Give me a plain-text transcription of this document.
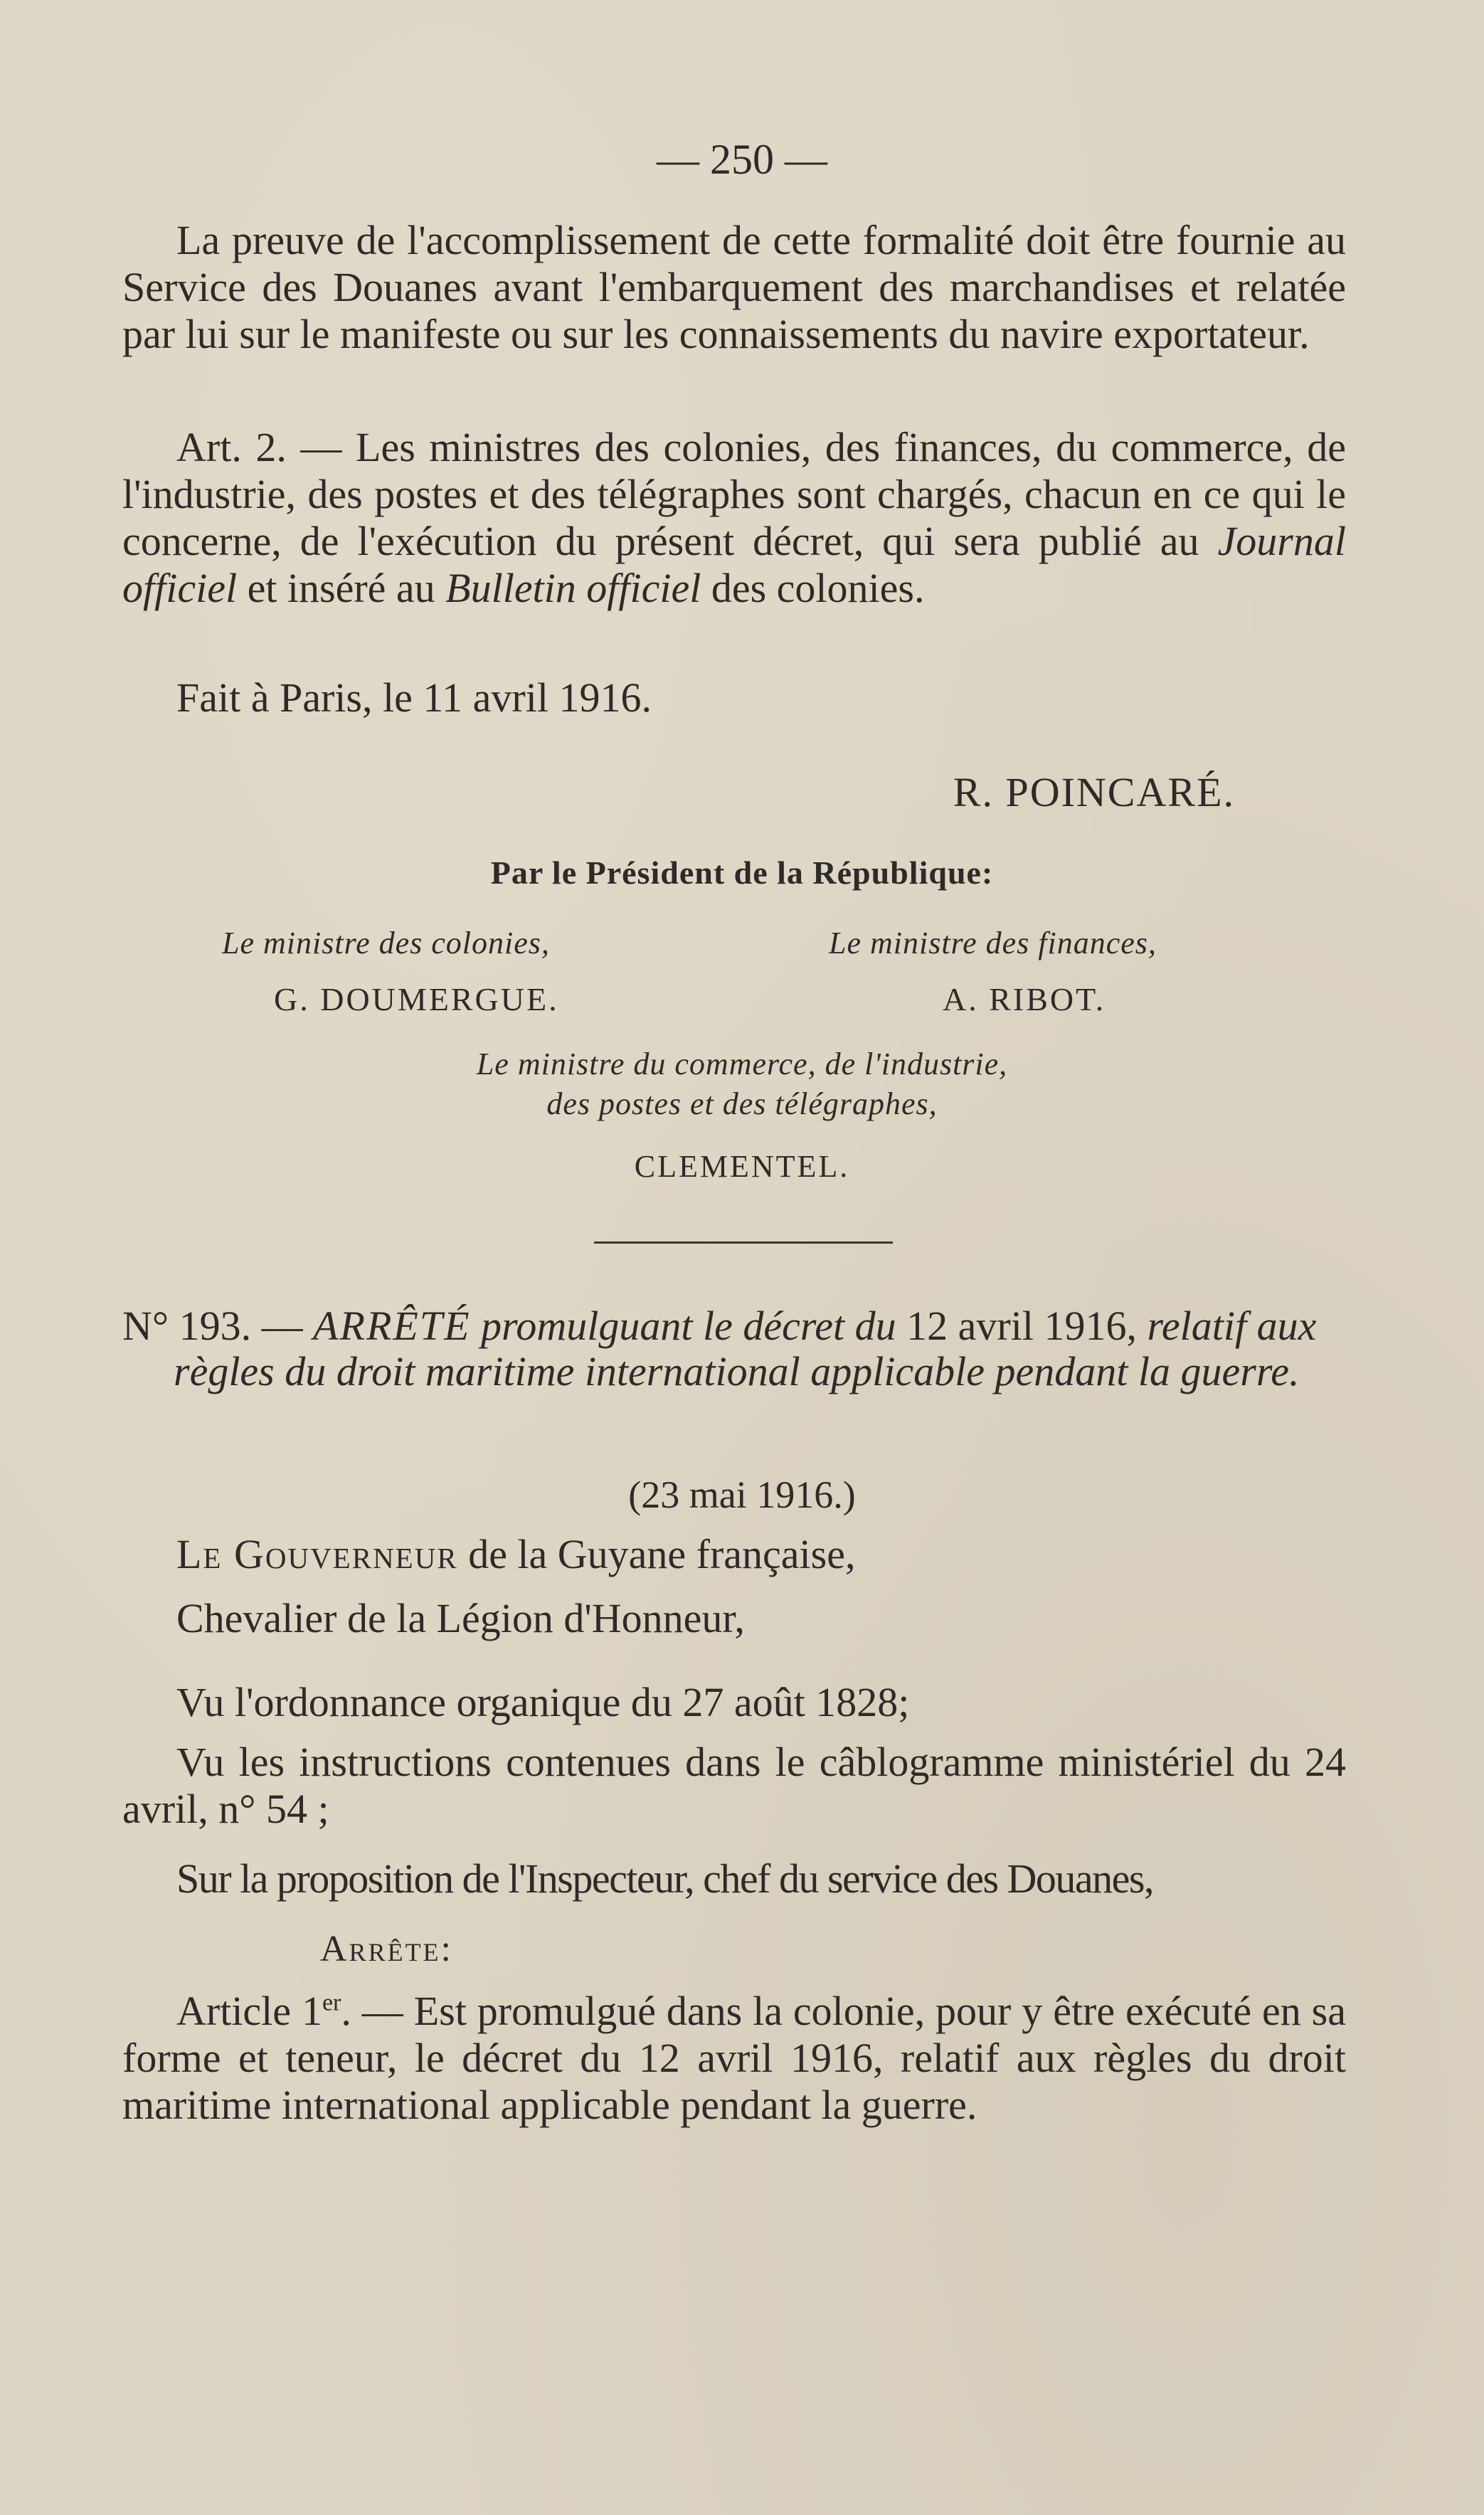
— 250 —

La preuve de l'accomplissement de cette formalité doit être fournie au Service des Douanes avant l'embarquement des marchandises et relatée par lui sur le manifeste ou sur les connaissements du navire exportateur.

Art. 2. — Les ministres des colonies, des finances, du commerce, de l'industrie, des postes et des télégraphes sont chargés, chacun en ce qui le concerne, de l'exécution du présent décret, qui sera publié au Journal officiel et inséré au Bulletin officiel des colonies.

Fait à Paris, le 11 avril 1916.

R. POINCARÉ.
Par le Président de la République:
Le ministre des colonies,
G. DOUMERGUE.
Le ministre des finances,
A. RIBOT.
Le ministre du commerce, de l'industrie,
des postes et des télégraphes,
CLEMENTEL.

N° 193. — ARRÊTÉ promulguant le décret du 12 avril 1916, relatif aux règles du droit maritime international applicable pendant la guerre.

(23 mai 1916.)

Le Gouverneur de la Guyane française,

Chevalier de la Légion d'Honneur,

Vu l'ordonnance organique du 27 août 1828;

Vu les instructions contenues dans le câblogramme ministériel du 24 avril, n° 54 ;

Sur la proposition de l'Inspecteur, chef du service des Douanes,

Arrête:

Article 1er. — Est promulgué dans la colonie, pour y être exécuté en sa forme et teneur, le décret du 12 avril 1916, relatif aux règles du droit maritime international applicable pendant la guerre.
